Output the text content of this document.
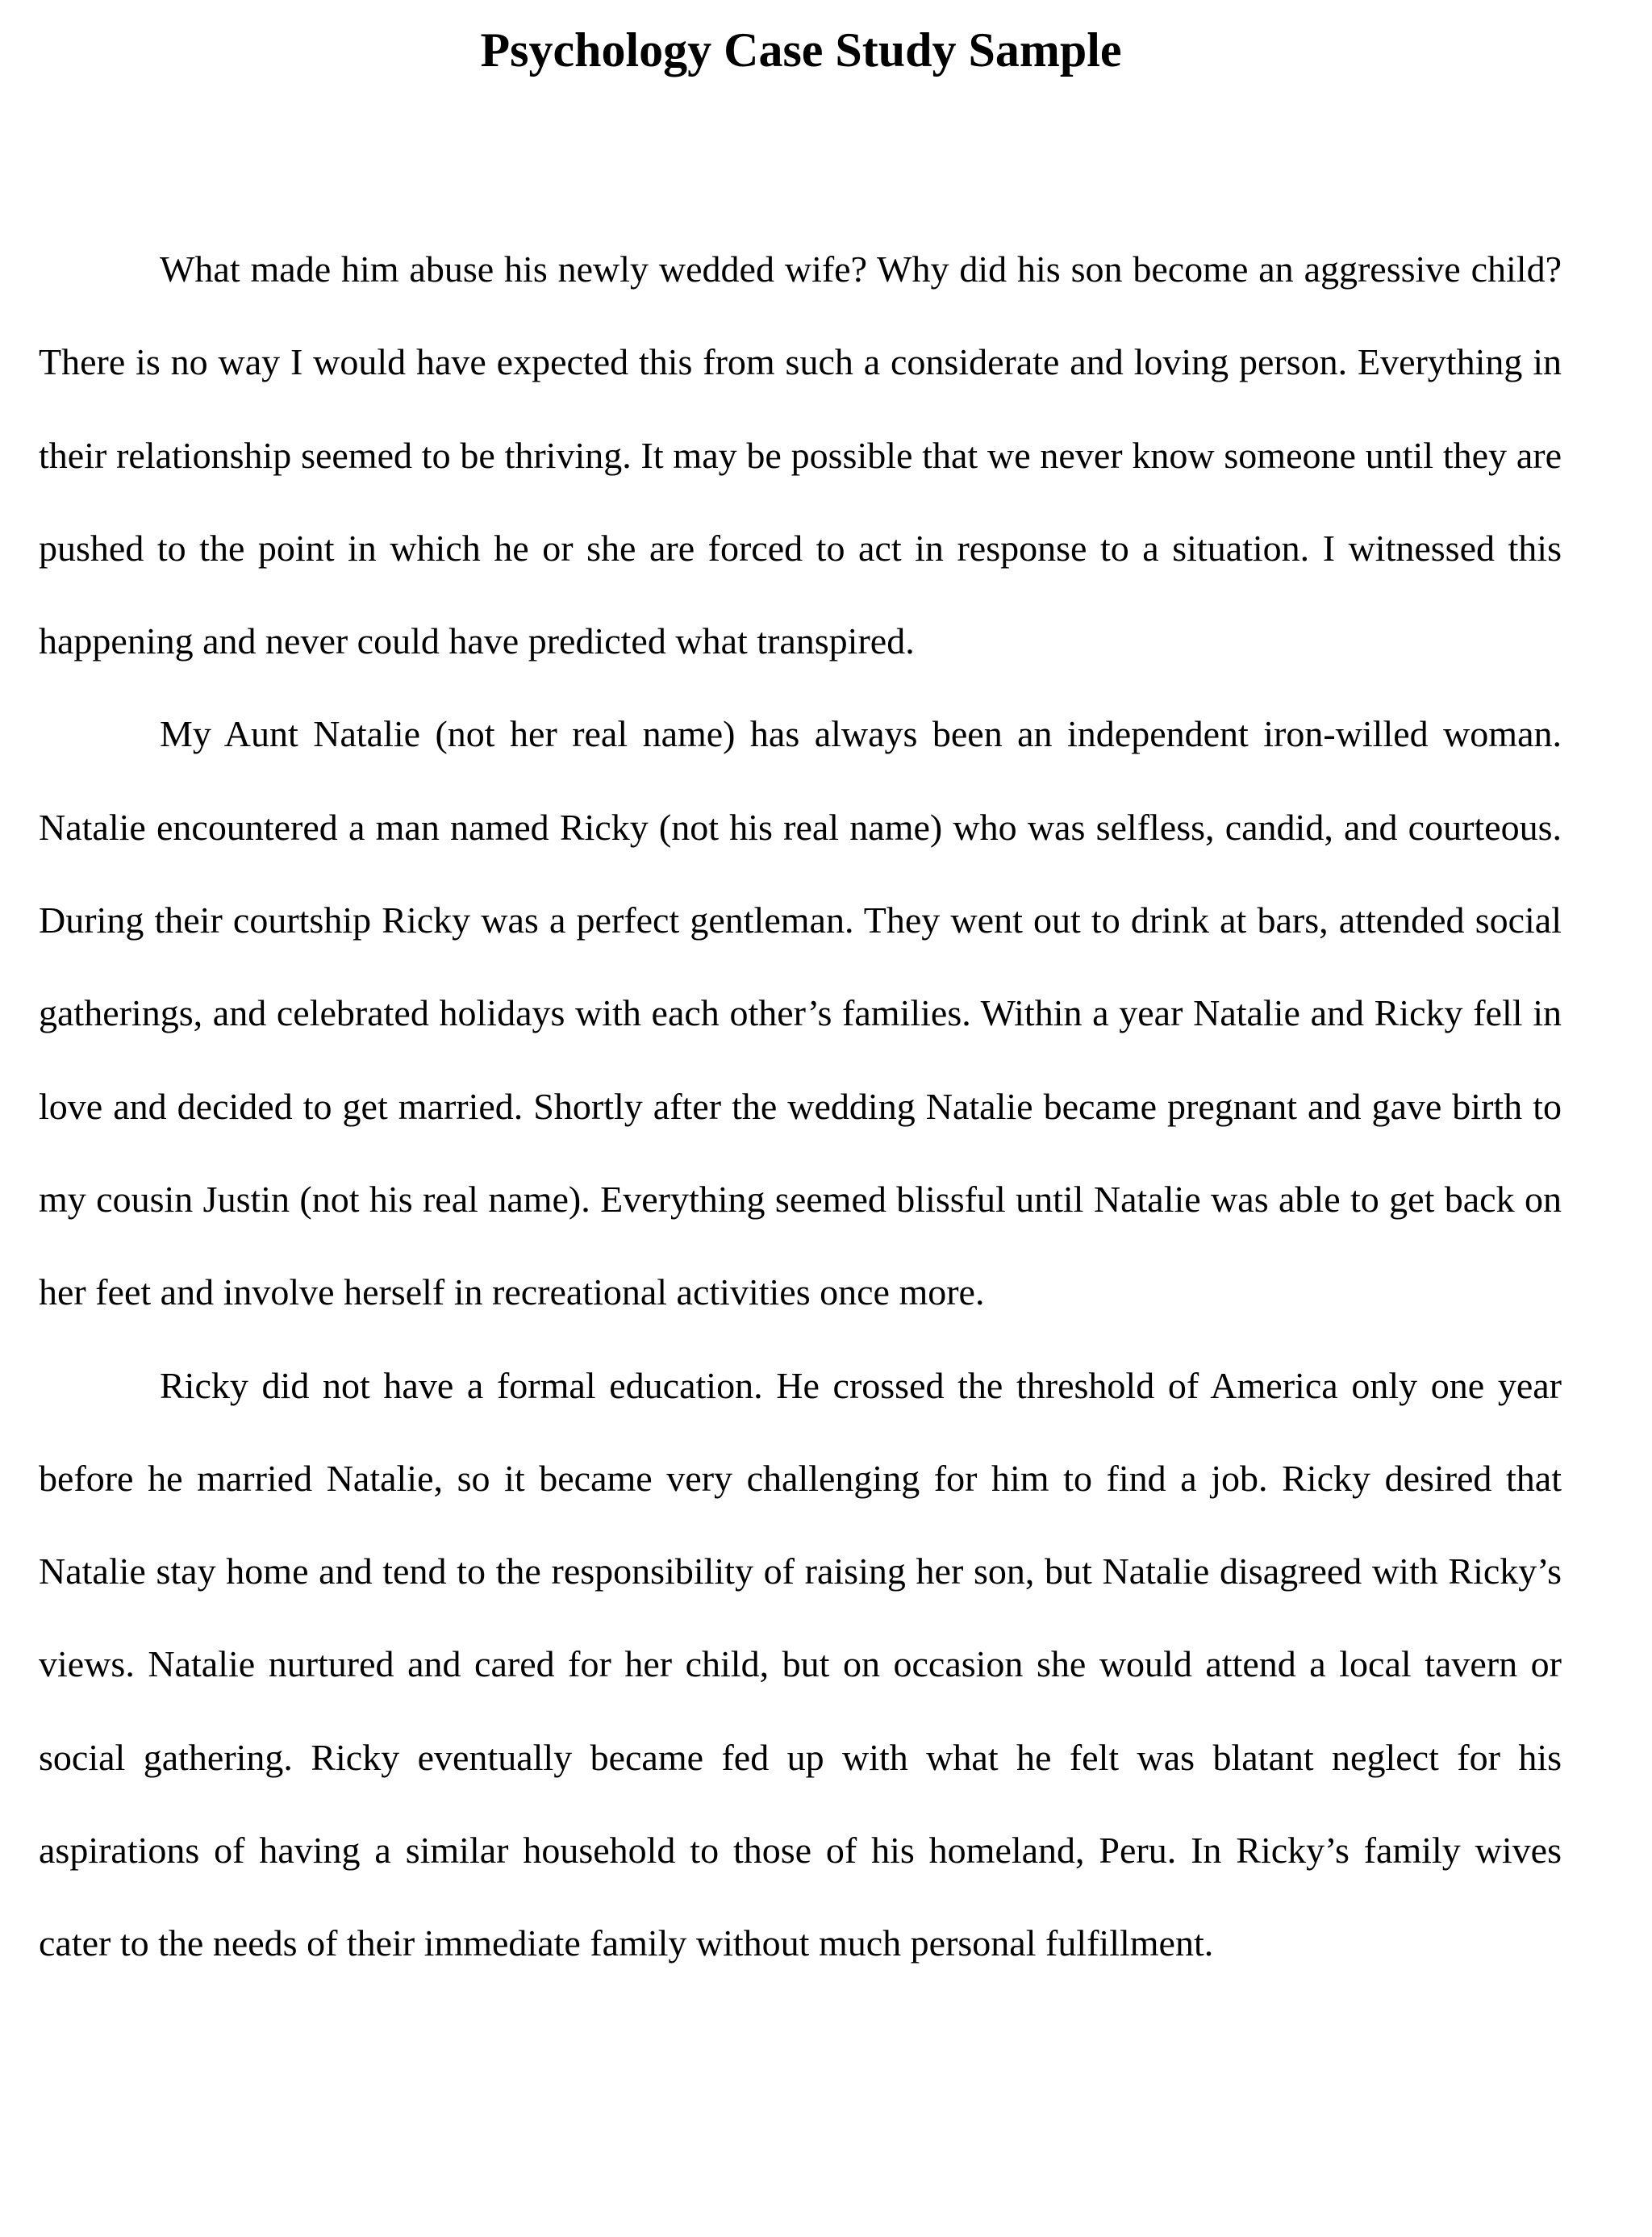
Psychology Case Study Sample

What made him abuse his newly wedded wife? Why did his son become an aggressive child? There is no way I would have expected this from such a considerate and loving person. Everything in their relationship seemed to be thriving. It may be possible that we never know someone until they are pushed to the point in which he or she are forced to act in response to a situation. I witnessed this happening and never could have predicted what transpired.

My Aunt Natalie (not her real name) has always been an independent iron-willed woman. Natalie encountered a man named Ricky (not his real name) who was selfless, candid, and courteous. During their courtship Ricky was a perfect gentleman. They went out to drink at bars, attended social gatherings, and celebrated holidays with each other’s families. Within a year Natalie and Ricky fell in love and decided to get married. Shortly after the wedding Natalie became pregnant and gave birth to my cousin Justin (not his real name). Everything seemed blissful until Natalie was able to get back on her feet and involve herself in recreational activities once more.

Ricky did not have a formal education. He crossed the threshold of America only one year before he married Natalie, so it became very challenging for him to find a job. Ricky desired that Natalie stay home and tend to the responsibility of raising her son, but Natalie disagreed with Ricky’s views. Natalie nurtured and cared for her child, but on occasion she would attend a local tavern or social gathering. Ricky eventually became fed up with what he felt was blatant neglect for his aspirations of having a similar household to those of his homeland, Peru. In Ricky’s family wives cater to the needs of their immediate family without much personal fulfillment.
